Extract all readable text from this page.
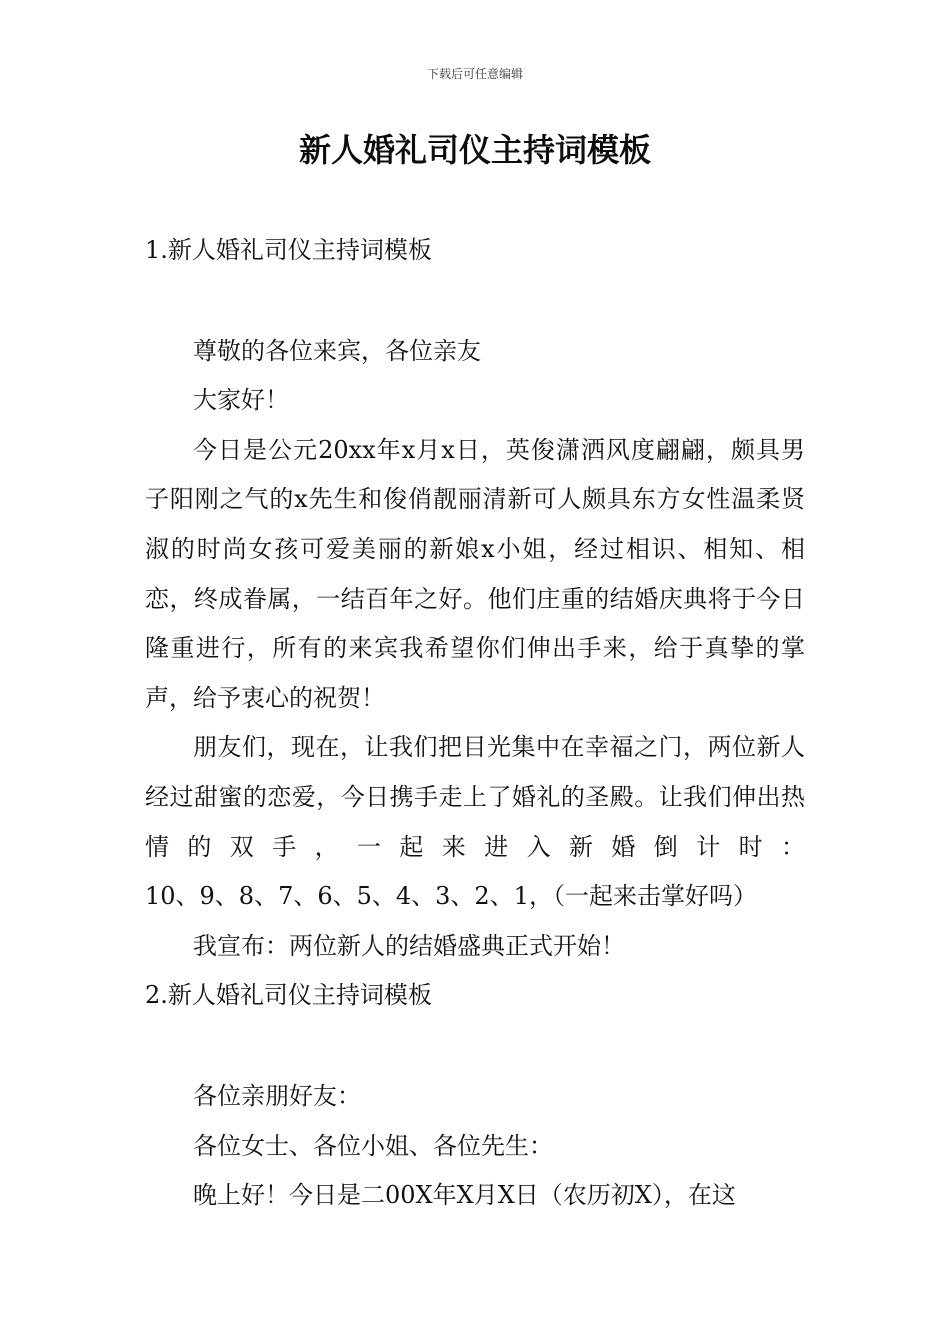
下载后可任意编辑
新人婚礼司仪主持词模板

1.新人婚礼司仪主持词模板

尊敬的各位来宾，各位亲友

大家好！

今日是公元20xx年x月x日，英俊潇洒风度翩翩，颇具男子阳刚之气的x先生和俊俏靓丽清新可人颇具东方女性温柔贤淑的时尚女孩可爱美丽的新娘x小姐，经过相识、相知、相恋，终成眷属，一结百年之好。他们庄重的结婚庆典将于今日隆重进行，所有的来宾我希望你们伸出手来，给于真挚的掌声，给予衷心的祝贺！

朋友们，现在，让我们把目光集中在幸福之门，两位新人经过甜蜜的恋爱，今日携手走上了婚礼的圣殿。让我们伸出热情的双手，一起来进入新婚倒计时：

10、9、8、7、6、5、4、3、2、1，（一起来击掌好吗）

我宣布：两位新人的结婚盛典正式开始！

2.新人婚礼司仪主持词模板

各位亲朋好友：

各位女士、各位小姐、各位先生：

晚上好！今日是二00X年X月X日（农历初X），在这
